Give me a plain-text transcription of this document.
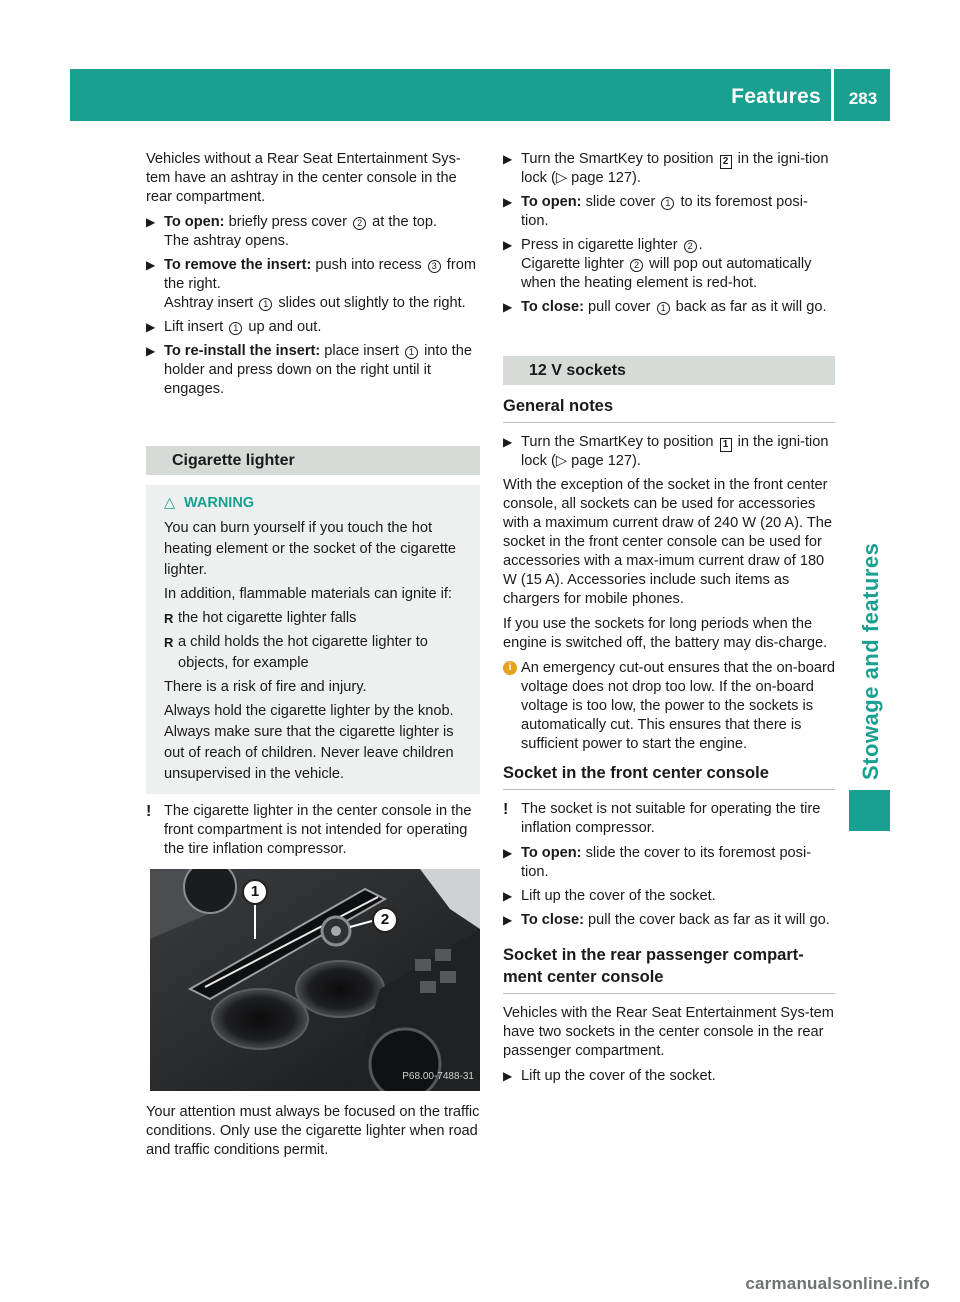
Features	283
Stowage and features

Vehicles without a Rear Seat Entertainment Sys-tem have an ashtray in the center console in the rear compartment.

▶ To open: briefly press cover 2 at the top.
The ashtray opens.
▶ To remove the insert: push into recess 3 from the right.
Ashtray insert 1 slides out slightly to the right.
▶ Lift insert 1 up and out.
▶ To re-install the insert: place insert 1 into the holder and press down on the right until it engages.
Cigarette lighter
△ WARNING

You can burn yourself if you touch the hot heating element or the socket of the cigarette lighter.

In addition, flammable materials can ignite if:

R the hot cigarette lighter falls
R a child holds the hot cigarette lighter to objects, for example

There is a risk of fire and injury.

Always hold the cigarette lighter by the knob. Always make sure that the cigarette lighter is out of reach of children. Never leave children unsupervised in the vehicle.

! The cigarette lighter in the center console in the front compartment is not intended for operating the tire inflation compressor.
1
2
P68.00-7488-31

Your attention must always be focused on the traffic conditions. Only use the cigarette lighter when road and traffic conditions permit.

▶ Turn the SmartKey to position 2 in the igni-tion lock (▷ page 127).
▶ To open: slide cover 1 to its foremost posi-tion.
▶ Press in cigarette lighter 2 .
Cigarette lighter 2 will pop out automatically when the heating element is red-hot.
▶ To close: pull cover 1 back as far as it will go.
12 V sockets
General notes
▶ Turn the SmartKey to position 1 in the igni-tion lock (▷ page 127).

With the exception of the socket in the front center console, all sockets can be used for accessories with a maximum current draw of 240 W (20 A). The socket in the front center console can be used for accessories with a max-imum current draw of 180 W (15 A). Accessories include such items as chargers for mobile phones.

If you use the sockets for long periods when the engine is switched off, the battery may dis-charge.

i An emergency cut-out ensures that the on-board voltage does not drop too low. If the on-board voltage is too low, the power to the sockets is automatically cut. This ensures that there is sufficient power to start the engine.
Socket in the front center console
! The socket is not suitable for operating the tire inflation compressor.
▶ To open: slide the cover to its foremost posi-tion.
▶ Lift up the cover of the socket.
▶ To close: pull the cover back as far as it will go.
Socket in the rear passenger compart-ment center console

Vehicles with the Rear Seat Entertainment Sys-tem have two sockets in the center console in the rear passenger compartment.

▶ Lift up the cover of the socket.
carmanualsonline.info
